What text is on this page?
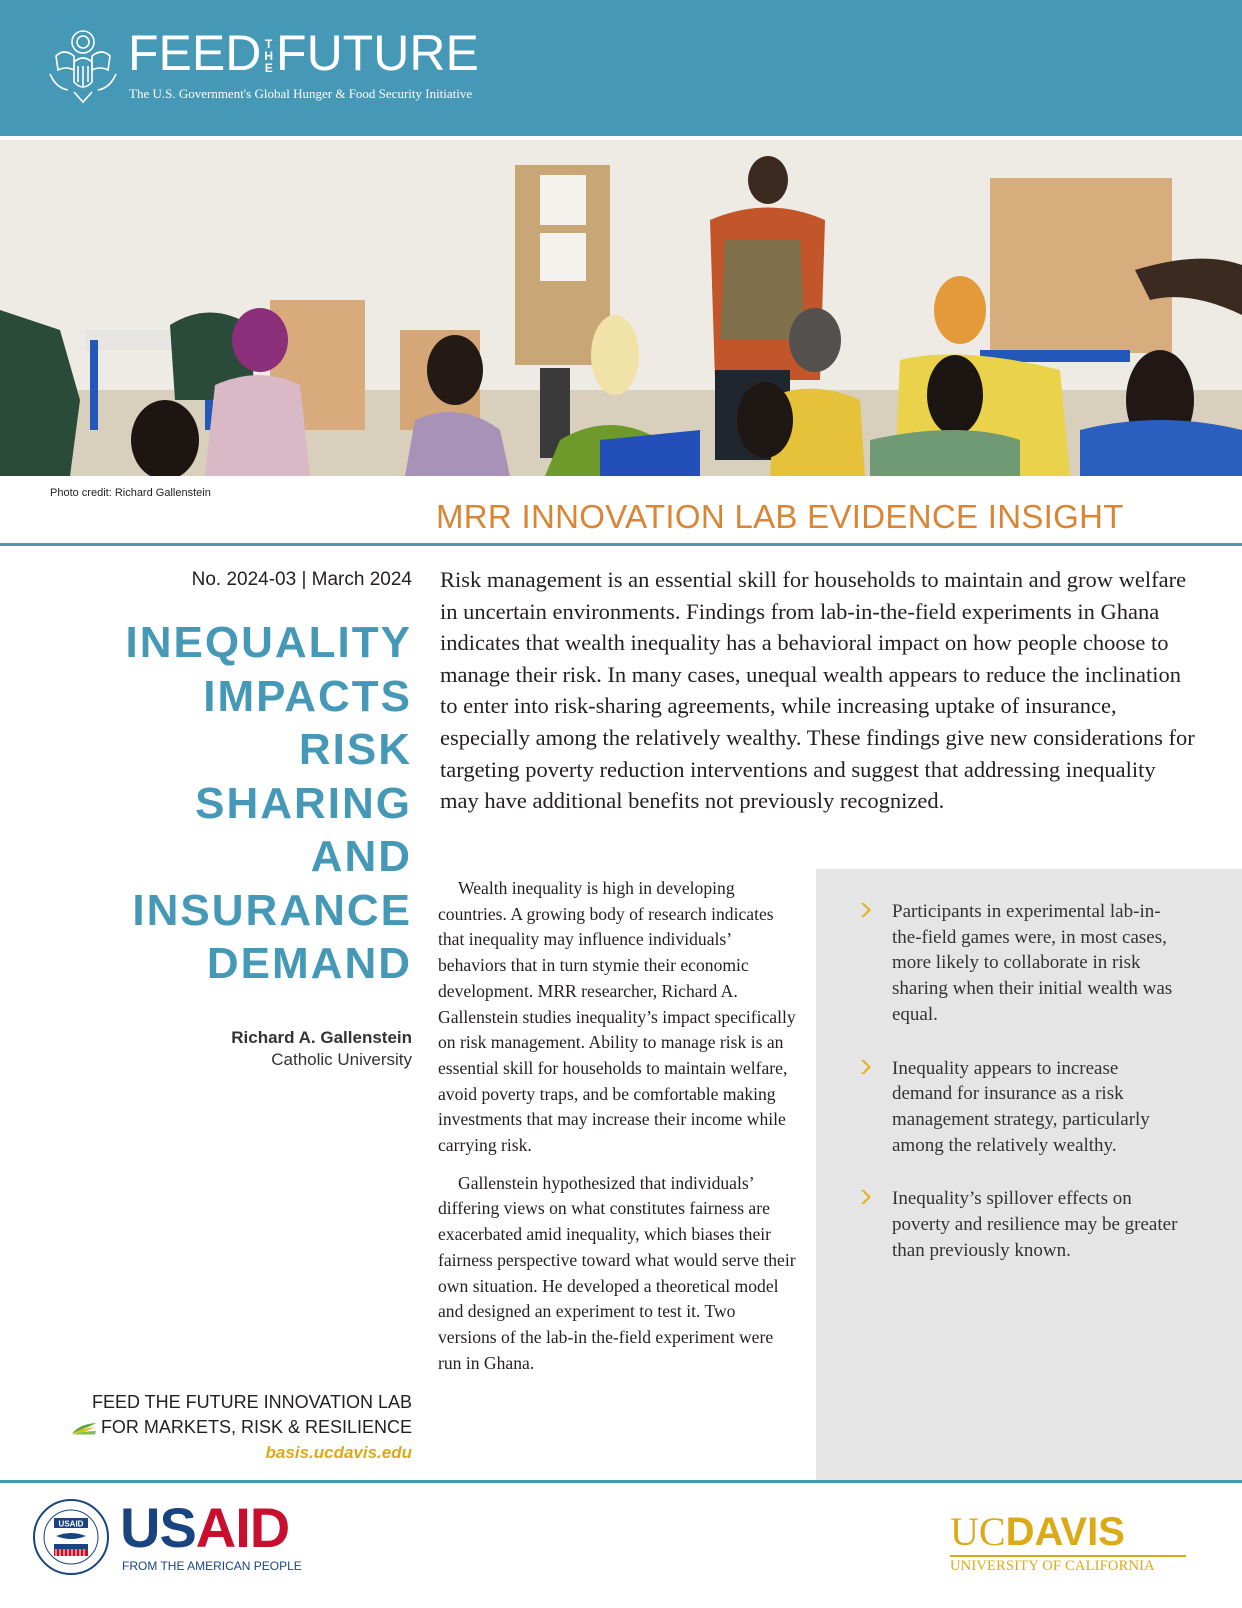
FEED T
H
E FUTURE
The U.S. Government's Global Hunger & Food Security Initiative
Photo credit: Richard Gallenstein
MRR INNOVATION LAB EVIDENCE INSIGHT
No. 2024-03 | March 2024
INEQUALITY
IMPACTS
RISK
SHARING
AND
INSURANCE
DEMAND
Richard A. Gallenstein
Catholic University
FEED THE FUTURE INNOVATION LAB
FOR MARKETS, RISK & RESILIENCE
basis.ucdavis.edu
Risk management is an essential skill for households to maintain and grow welfare in uncertain environments. Findings from lab-in-the-field experiments in Ghana indicates that wealth inequality has a behavioral impact on how people choose to manage their risk. In many cases, unequal wealth appears to reduce the inclination to enter into risk-sharing agreements, while increasing uptake of insurance, especially among the relatively wealthy. These findings give new considerations for targeting poverty reduction interventions and suggest that addressing inequality may have additional benefits not previously recognized.

Wealth inequality is high in developing countries. A growing body of research indicates that inequality may influence individuals’ behaviors that in turn stymie their economic development. MRR researcher, Richard A. Gallenstein studies inequality’s impact specifically on risk management. Ability to manage risk is an essential skill for households to maintain welfare, avoid poverty traps, and be comfortable making investments that may increase their income while carrying risk.

Gallenstein hypothesized that individuals’ differing views on what constitutes fairness are exacerbated amid inequality, which biases their fairness perspective toward what would serve their own situation. He developed a theoretical model and designed an experiment to test it. Two versions of the lab-in the-field experiment were run in Ghana.

Participants in experimental lab-in-the-field games were, in most cases, more likely to collaborate in risk sharing when their initial wealth was equal.
Inequality appears to increase demand for insurance as a risk management strategy, particularly among the relatively wealthy.
Inequality’s spillover effects on poverty and resilience may be greater than previously known.
USAID USAID
FROM THE AMERICAN PEOPLE
UCDAVIS
UNIVERSITY OF CALIFORNIA
